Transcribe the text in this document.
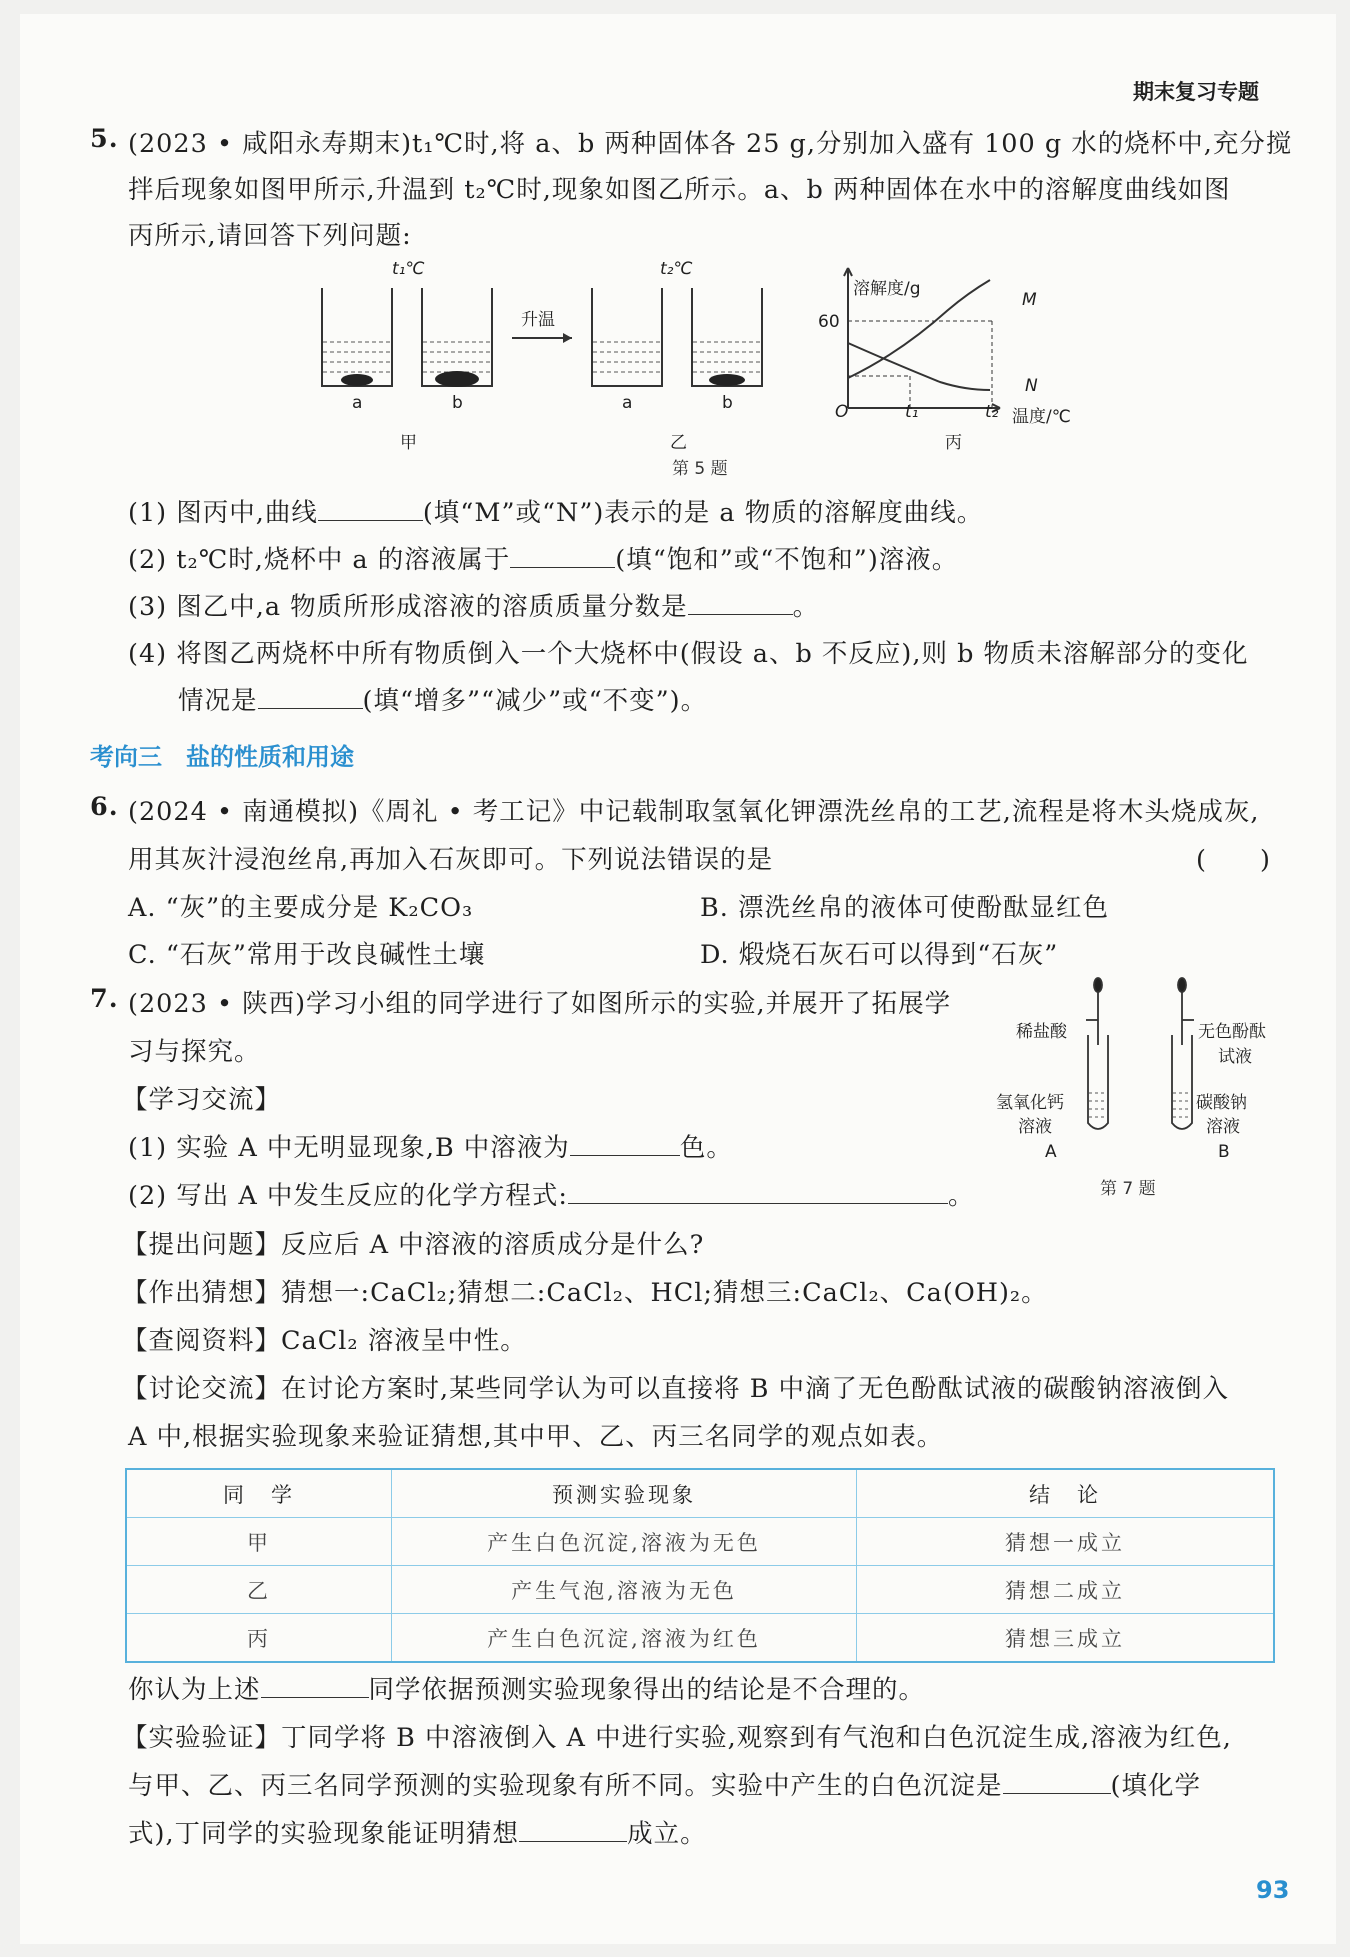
期末复习专题
5. (2023 • 咸阳永寿期末)t₁℃时,将 a、b 两种固体各 25 g,分别加入盛有 100 g 水的烧杯中,充分搅
拌后现象如图甲所示,升温到 t₂℃时,现象如图乙所示。a、b 两种固体在水中的溶解度曲线如图
丙所示,请回答下列问题:
t₁℃	t₂℃
升温
a	b	a	b
甲	乙	丙
第 5 题
溶解度/g
温度/℃
60
O	t₁	t₂
M
N
(1) 图丙中,曲线	(填“M”或“N”)表示的是 a 物质的溶解度曲线。
(2) t₂℃时,烧杯中 a 的溶液属于	(填“饱和”或“不饱和”)溶液。
(3) 图乙中,a 物质所形成溶液的溶质质量分数是	。
(4) 将图乙两烧杯中所有物质倒入一个大烧杯中(假设 a、b 不反应),则 b 物质未溶解部分的变化
情况是	(填“增多”“减少”或“不变”)。
考向三　盐的性质和用途
6. (2024 • 南通模拟)《周礼 • 考工记》中记载制取氢氧化钾漂洗丝帛的工艺,流程是将木头烧成灰,
用其灰汁浸泡丝帛,再加入石灰即可。下列说法错误的是	(　　)
A. “灰”的主要成分是 K₂CO₃	B. 漂洗丝帛的液体可使酚酞显红色
C. “石灰”常用于改良碱性土壤	D. 煅烧石灰石可以得到“石灰”
7. (2023 • 陕西)学习小组的同学进行了如图所示的实验,并展开了拓展学
习与探究。
【学习交流】
(1) 实验 A 中无明显现象,B 中溶液为	色。
(2) 写出 A 中发生反应的化学方程式:	。
【提出问题】反应后 A 中溶液的溶质成分是什么?
【作出猜想】猜想一:CaCl₂;猜想二:CaCl₂、HCl;猜想三:CaCl₂、Ca(OH)₂。
【查阅资料】CaCl₂ 溶液呈中性。
【讨论交流】在讨论方案时,某些同学认为可以直接将 B 中滴了无色酚酞试液的碳酸钠溶液倒入
A 中,根据实验现象来验证猜想,其中甲、乙、丙三名同学的观点如表。
稀盐酸	无色酚酞
试液
氢氧化钙
溶液
碳酸钠
溶液
A	B
第 7 题
同　学	预测实验现象	结　论
甲	产生白色沉淀,溶液为无色	猜想一成立
乙	产生气泡,溶液为无色	猜想二成立
丙	产生白色沉淀,溶液为红色	猜想三成立
你认为上述	同学依据预测实验现象得出的结论是不合理的。
【实验验证】丁同学将 B 中溶液倒入 A 中进行实验,观察到有气泡和白色沉淀生成,溶液为红色,
与甲、乙、丙三名同学预测的实验现象有所不同。实验中产生的白色沉淀是	(填化学
式),丁同学的实验现象能证明猜想	成立。
93
